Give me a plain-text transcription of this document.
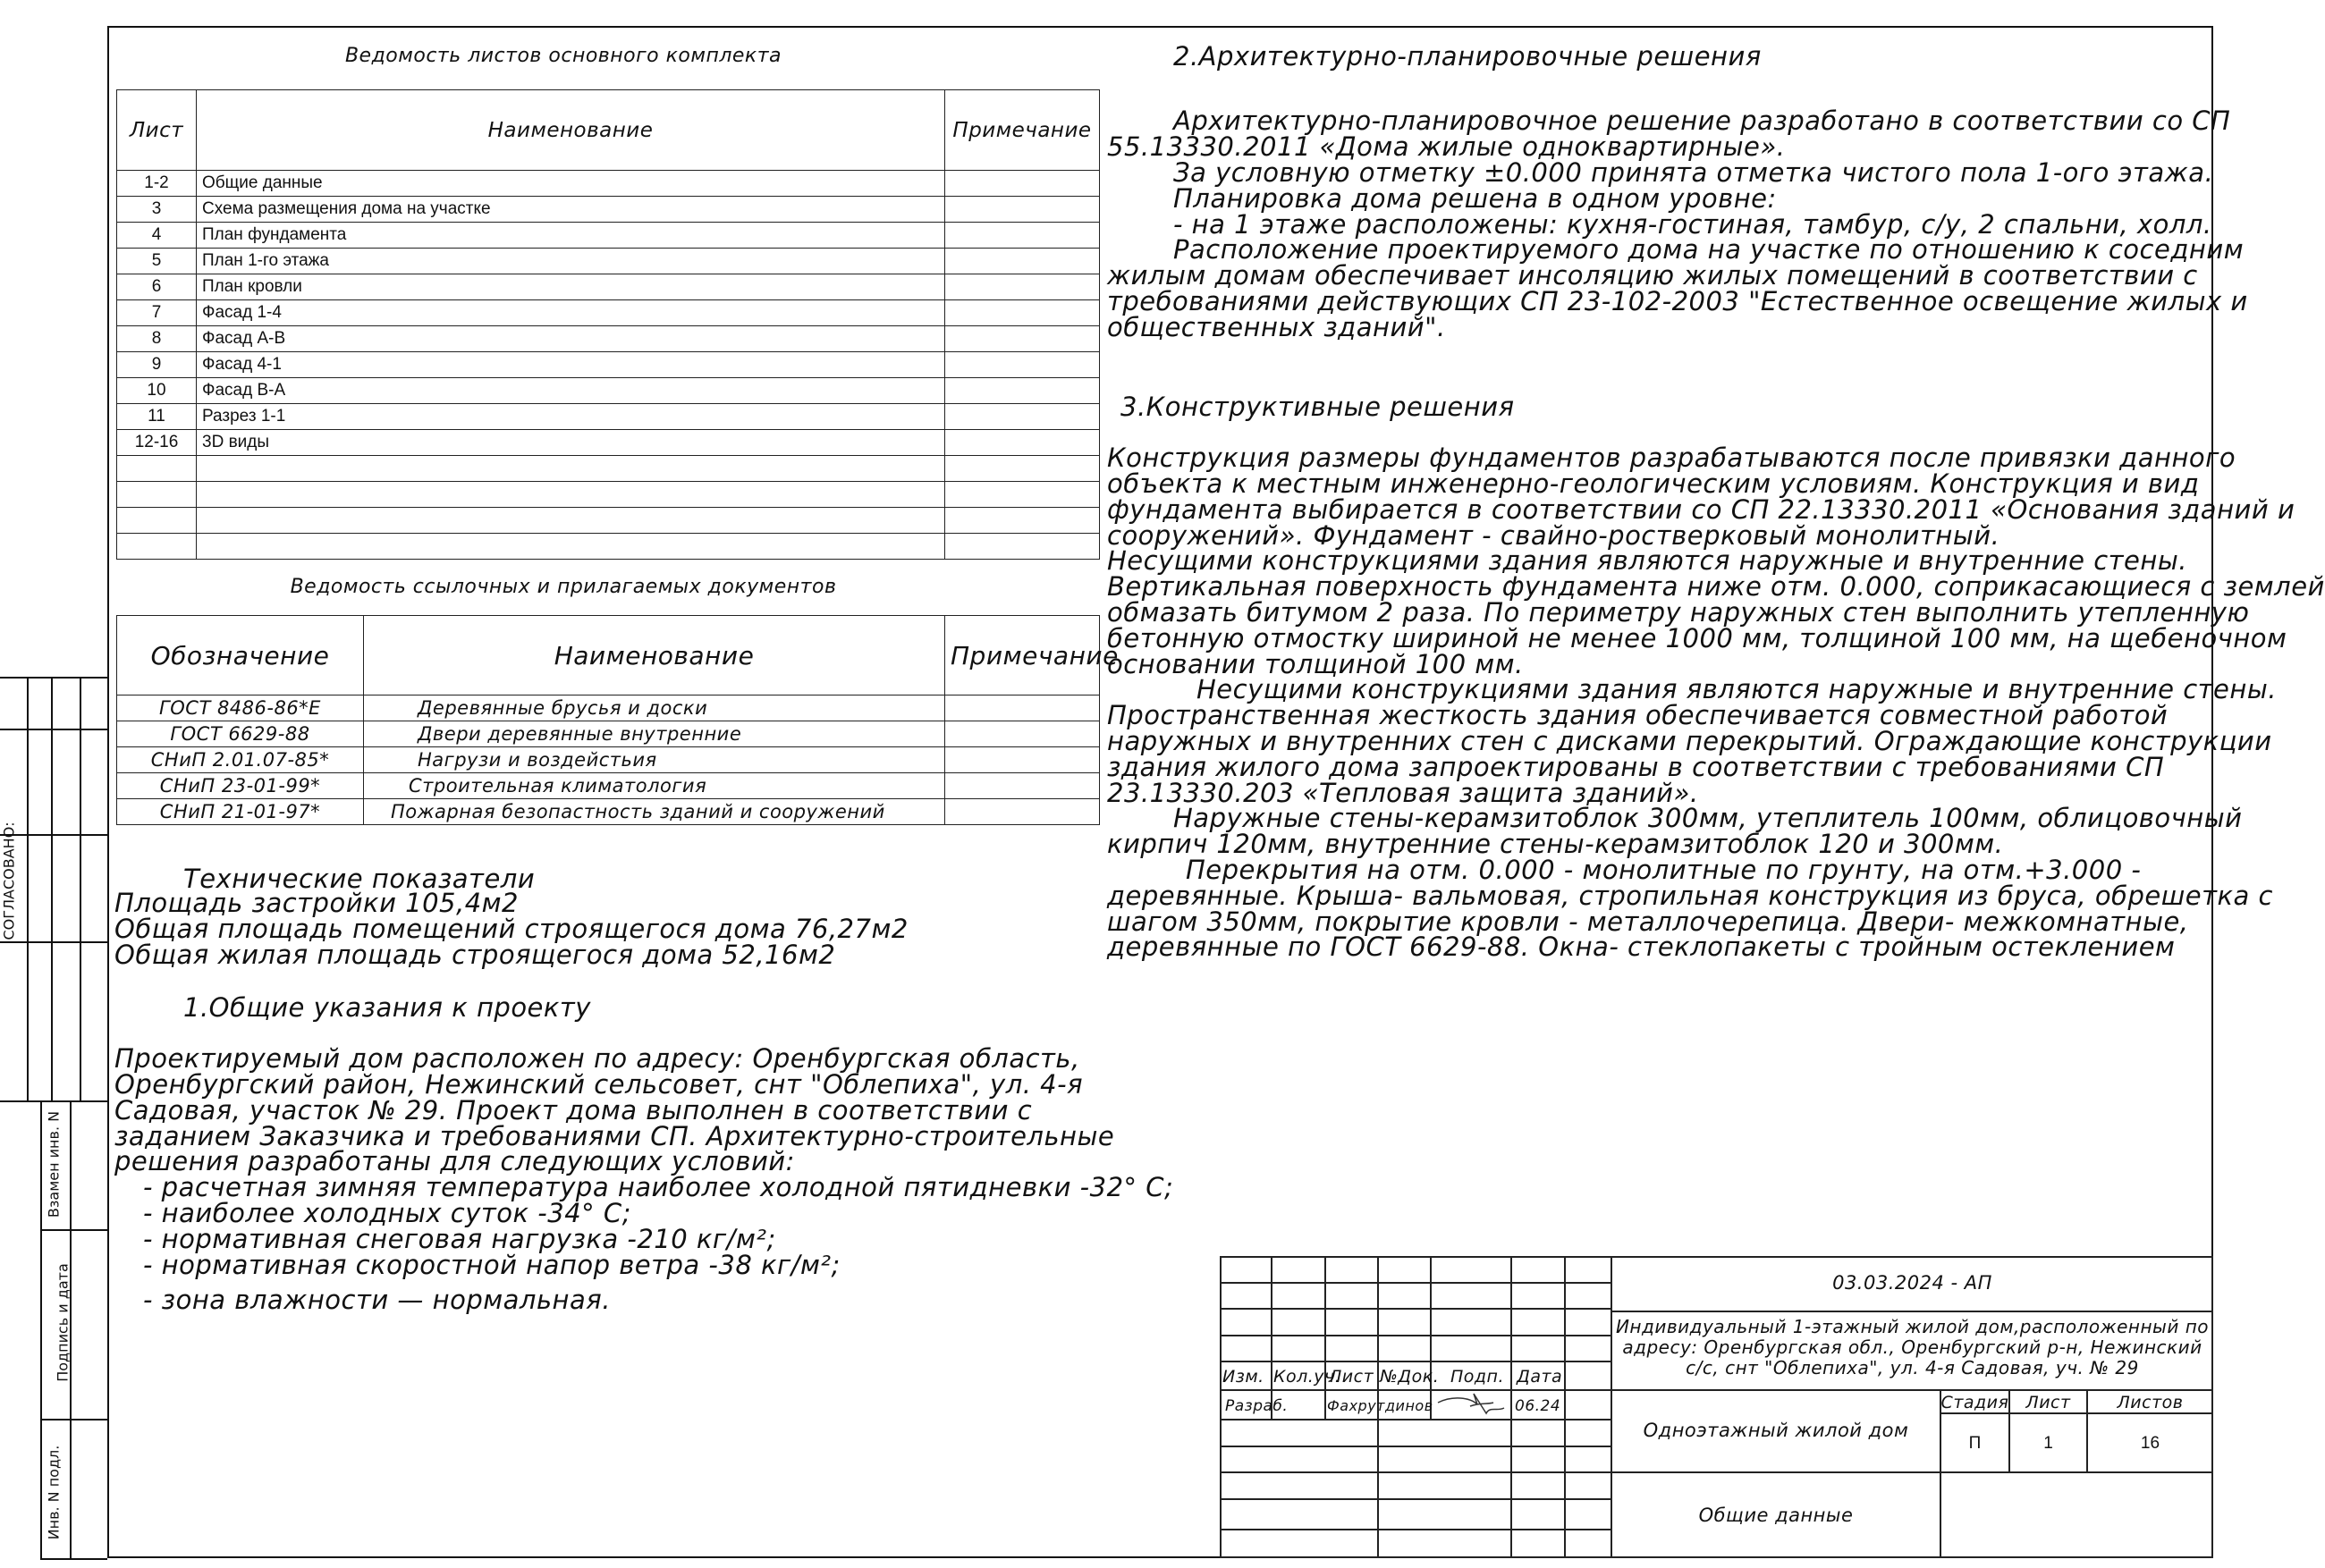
СОГЛАСОВАНО:
Взамен инв. N
Подпись и дата
Инв. N подл.
Ведомость листов основного комплекта
Лист	Наименование	Примечание
1-2	Общие данные	
3	Схема размещения дома на участке	
4	План фундамента	
5	План 1-го этажа	
6	План кровли	
7	Фасад 1-4	
8	Фасад А-В	
9	Фасад 4-1	
10	Фасад В-А	
11	Разрез 1-1	
12-16	3D виды	

Ведомость ссылочных и прилагаемых документов
Обозначение	Наименование	Примечание
ГОСТ 8486-86*Е	Деревянные брусья и доски	
ГОСТ 6629-88	Двери деревянные внутренние	
СНиП 2.01.07-85*	Нагрузи и воздейстьия	
СНиП 23-01-99*	Строительная климатология	
СНиП 21-01-97*	Пожарная безопастность зданий и сооружений	
Технические показатели
Площадь застройки 105,4м2
Общая площадь помещений строящегося дома 76,27м2
Общая жилая площадь строящегося дома 52,16м2
1.Общие указания к проекту
Проектируемый дом расположен по адресу: Оренбургская область,
Оренбургский район, Нежинский сельсовет, снт "Облепиха", ул. 4-я
Садовая, участок № 29. Проект дома выполнен в соответствии с
заданием Заказчика и требованиями СП. Архитектурно-строительные
решения разработаны для следующих условий:
- расчетная зимняя температура наиболее холодной пятидневки -32° С;
- наиболее холодных суток -34° С;
- нормативная снеговая нагрузка -210 кг/м²;
- нормативная скоростной напор ветра -38 кг/м²;
- зона влажности — нормальная.
2.Архитектурно-планировочные решения
Архитектурно-планировочное решение разработано в соответствии со СП
55.13330.2011 «Дома жилые одноквартирные».
За условную отметку ±0.000 принята отметка чистого пола 1-ого этажа.
Планировка дома решена в одном уровне:
- на 1 этаже расположены: кухня-гостиная, тамбур, с/у, 2 спальни, холл.
Расположение проектируемого дома на участке по отношению к соседним
жилым домам обеспечивает инсоляцию жилых помещений в соответствии с
требованиями действующих СП 23-102-2003 "Естественное освещение жилых и
общественных зданий".
3.Конструктивные решения
Конструкция размеры фундаментов разрабатываются после привязки данного
объекта к местным инженерно-геологическим условиям. Конструкция и вид
фундамента выбирается в соответствии со СП 22.13330.2011 «Основания зданий и
сооружений». Фундамент - свайно-ростверковый монолитный.
Несущими конструкциями здания являются наружные и внутренние стены.
Вертикальная поверхность фундамента ниже отм. 0.000, соприкасающиеся с землей
обмазать битумом 2 раза. По периметру наружных стен выполнить утепленную
бетонную отмостку шириной не менее 1000 мм, толщиной 100 мм, на щебеночном
основании толщиной 100 мм.
Несущими конструкциями здания являются наружные и внутренние стены.
Пространственная жесткость здания обеспечивается совместной работой
наружных и внутренних стен с дисками перекрытий. Ограждающие конструкции
здания жилого дома запроектированы в соответствии с требованиями СП
23.13330.203 «Тепловая защита зданий».
Наружные стены-керамзитоблок 300мм, утеплитель 100мм, облицовочный
кирпич 120мм, внутренние стены-керамзитоблок 120 и 300мм.
Перекрытия на отм. 0.000 - монолитные по грунту, на отм.+3.000 -
деревянные. Крыша- вальмовая, стропильная конструкция из бруса, обрешетка с
шагом 350мм, покрытие кровли - металлочерепица. Двери- межкомнатные,
деревянные по ГОСТ 6629-88. Окна- стеклопакеты с тройным остеклением
03.03.2024 - АП
Индивидуальный 1-этажный жилой дом,расположенный по
адресу: Оренбургская обл., Оренбургский р-н, Нежинский
с/с, снт "Облепиха", ул. 4-я Садовая, уч. № 29
Изм. Кол.уч.
Лист №Док. Подп. Дата
Разраб.	Фахрутдинов	06.24
Одноэтажный жилой дом
Общие данные
Стадия Лист	Листов
П	1	16
